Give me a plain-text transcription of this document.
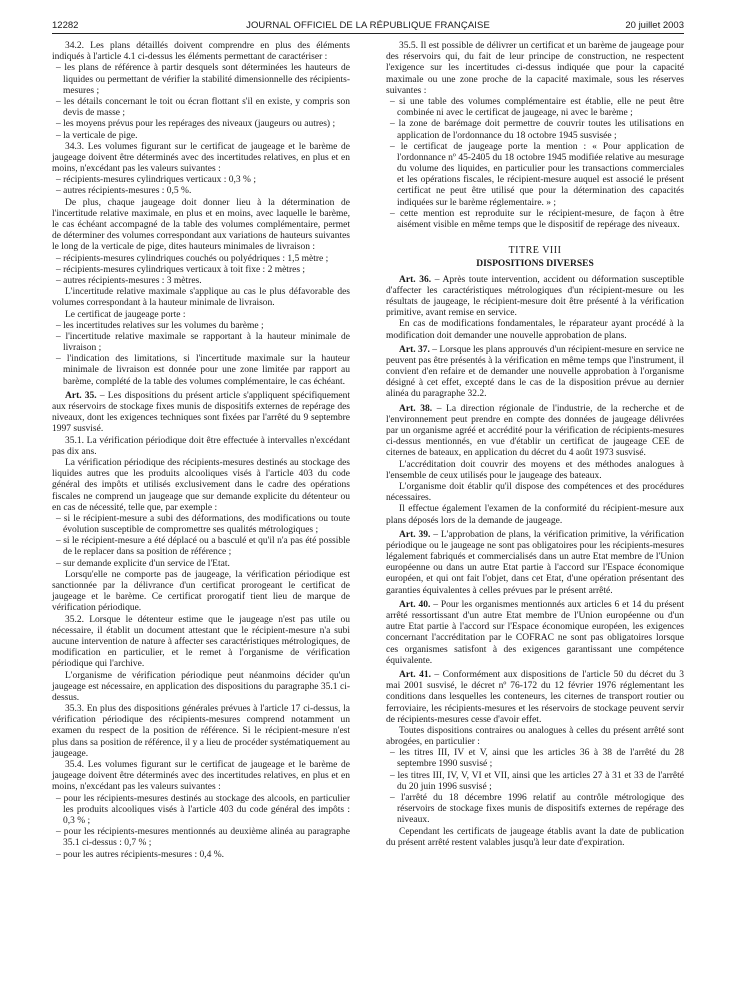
12282	JOURNAL OFFICIEL DE LA RÉPUBLIQUE FRANÇAISE	20 juillet 2003

34.2. Les plans détaillés doivent comprendre en plus des éléments indiqués à l'article 4.1 ci-dessus les éléments permettant de caractériser :

– les plans de référence à partir desquels sont déterminées les hauteurs de liquides ou permettant de vérifier la stabilité dimensionnelle des récipients-mesures ;

– les détails concernant le toit ou écran flottant s'il en existe, y compris son devis de masse ;

– les moyens prévus pour les repérages des niveaux (jaugeurs ou autres) ;

– la verticale de pige.

34.3. Les volumes figurant sur le certificat de jaugeage et le barème de jaugeage doivent être déterminés avec des incertitudes relatives, en plus et en moins, n'excédant pas les valeurs suivantes :

– récipients-mesures cylindriques verticaux : 0,3 % ;

– autres récipients-mesures : 0,5 %.

De plus, chaque jaugeage doit donner lieu à la détermination de l'incertitude relative maximale, en plus et en moins, avec laquelle le barème, le cas échéant accompagné de la table des volumes complémentaire, permet de déterminer des volumes correspondant aux variations de hauteurs suivantes le long de la verticale de pige, dites hauteurs minimales de livraison :

– récipients-mesures cylindriques couchés ou polyédriques : 1,5 mètre ;

– récipients-mesures cylindriques verticaux à toit fixe : 2 mètres ;

– autres récipients-mesures : 3 mètres.

L'incertitude relative maximale s'applique au cas le plus défavorable des volumes correspondant à la hauteur minimale de livraison.

Le certificat de jaugeage porte :

– les incertitudes relatives sur les volumes du barème ;

– l'incertitude relative maximale se rapportant à la hauteur minimale de livraison ;

– l'indication des limitations, si l'incertitude maximale sur la hauteur minimale de livraison est donnée pour une zone limitée par rapport au barème, complété de la table des volumes complémentaire, le cas échéant.

Art. 35. – Les dispositions du présent article s'appliquent spécifiquement aux réservoirs de stockage fixes munis de dispositifs externes de repérage des niveaux, dont les exigences techniques sont fixées par l'arrêté du 9 septembre 1997 susvisé.

35.1. La vérification périodique doit être effectuée à intervalles n'excédant pas dix ans.

La vérification périodique des récipients-mesures destinés au stockage des liquides autres que les produits alcooliques visés à l'article 403 du code général des impôts et utilisés exclusivement dans le cadre des opérations fiscales ne comprend un jaugeage que sur demande explicite du détenteur ou en cas de nécessité, telle que, par exemple :

– si le récipient-mesure a subi des déformations, des modifications ou toute évolution susceptible de compromettre ses qualités métrologiques ;

– si le récipient-mesure a été déplacé ou a basculé et qu'il n'a pas été possible de le replacer dans sa position de référence ;

– sur demande explicite d'un service de l'Etat.

Lorsqu'elle ne comporte pas de jaugeage, la vérification périodique est sanctionnée par la délivrance d'un certificat prorogeant le certificat de jaugeage et le barème. Ce certificat prorogatif tient lieu de marque de vérification périodique.

35.2. Lorsque le détenteur estime que le jaugeage n'est pas utile ou nécessaire, il établit un document attestant que le récipient-mesure n'a subi aucune intervention de nature à affecter ses caractéristiques métrologiques, de modification en particulier, et le remet à l'organisme de vérification périodique qui l'archive.

L'organisme de vérification périodique peut néanmoins décider qu'un jaugeage est nécessaire, en application des dispositions du paragraphe 35.1 ci-dessus.

35.3. En plus des dispositions générales prévues à l'article 17 ci-dessus, la vérification périodique des récipients-mesures comprend notamment un examen du respect de la position de référence. Si le récipient-mesure n'est plus dans sa position de référence, il y a lieu de procéder systématiquement au jaugeage.

35.4. Les volumes figurant sur le certificat de jaugeage et le barème de jaugeage doivent être déterminés avec des incertitudes relatives, en plus et en moins, n'excédant pas les valeurs suivantes :

– pour les récipients-mesures destinés au stockage des alcools, en particulier les produits alcooliques visés à l'article 403 du code général des impôts : 0,3 % ;

– pour les récipients-mesures mentionnés au deuxième alinéa au paragraphe 35.1 ci-dessus : 0,7 % ;

– pour les autres récipients-mesures : 0,4 %.

35.5. Il est possible de délivrer un certificat et un barème de jaugeage pour des réservoirs qui, du fait de leur principe de construction, ne respectent l'exigence sur les incertitudes ci-dessus indiquée que pour la capacité maximale ou une zone proche de la capacité maximale, sous les réserves suivantes :

– si une table des volumes complémentaire est établie, elle ne peut être combinée ni avec le certificat de jaugeage, ni avec le barème ;

– la zone de barémage doit permettre de couvrir toutes les utilisations en application de l'ordonnance du 18 octobre 1945 susvisée ;

– le certificat de jaugeage porte la mention : « Pour application de l'ordonnance nº 45-2405 du 18 octobre 1945 modifiée relative au mesurage du volume des liquides, en particulier pour les transactions commerciales et les opérations fiscales, le récipient-mesure auquel est associé le présent certificat ne peut être utilisé que pour la détermination des capacités indiquées sur le barème réglementaire. » ;

– cette mention est reproduite sur le récipient-mesure, de façon à être aisément visible en même temps que le dispositif de repérage des niveaux.

TITRE VIII

DISPOSITIONS DIVERSES

Art. 36. – Après toute intervention, accident ou déformation susceptible d'affecter les caractéristiques métrologiques d'un récipient-mesure ou les résultats de jaugeage, le récipient-mesure doit être présenté à la vérification primitive, avant remise en service.

En cas de modifications fondamentales, le réparateur ayant procédé à la modification doit demander une nouvelle approbation de plans.

Art. 37. – Lorsque les plans approuvés d'un récipient-mesure en service ne peuvent pas être présentés à la vérification en même temps que l'instrument, il convient d'en refaire et de demander une nouvelle approbation à l'organisme désigné à cet effet, excepté dans le cas de la disposition prévue au dernier alinéa du paragraphe 32.2.

Art. 38. – La direction régionale de l'industrie, de la recherche et de l'environnement peut prendre en compte des données de jaugeage délivrées par un organisme agréé et accrédité pour la vérification de récipients-mesures ci-dessus mentionnés, en vue d'établir un certificat de jaugeage CEE de citernes de bateaux, en application du décret du 4 août 1973 susvisé.

L'accréditation doit couvrir des moyens et des méthodes analogues à l'ensemble de ceux utilisés pour le jaugeage des bateaux.

L'organisme doit établir qu'il dispose des compétences et des procédures nécessaires.

Il effectue également l'examen de la conformité du récipient-mesure aux plans déposés lors de la demande de jaugeage.

Art. 39. – L'approbation de plans, la vérification primitive, la vérification périodique ou le jaugeage ne sont pas obligatoires pour les récipients-mesures légalement fabriqués et commercialisés dans un autre Etat membre de l'Union européenne ou dans un autre Etat partie à l'accord sur l'Espace économique européen, et qui ont fait l'objet, dans cet Etat, d'une opération présentant des garanties équivalentes à celles prévues par le présent arrêté.

Art. 40. – Pour les organismes mentionnés aux articles 6 et 14 du présent arrêté ressortissant d'un autre Etat membre de l'Union européenne ou d'un autre Etat partie à l'accord sur l'Espace économique européen, les exigences concernant l'accréditation par le COFRAC ne sont pas obligatoires lorsque ces organismes satisfont à des exigences garantissant une compétence équivalente.

Art. 41. – Conformément aux dispositions de l'article 50 du décret du 3 mai 2001 susvisé, le décret nº 76-172 du 12 février 1976 réglementant les conditions dans lesquelles les conteneurs, les citernes de transport routier ou ferroviaire, les récipients-mesures et les réservoirs de stockage peuvent servir de récipients-mesures cesse d'avoir effet.

Toutes dispositions contraires ou analogues à celles du présent arrêté sont abrogées, en particulier :

– les titres III, IV et V, ainsi que les articles 36 à 38 de l'arrêté du 28 septembre 1990 susvisé ;

– les titres III, IV, V, VI et VII, ainsi que les articles 27 à 31 et 33 de l'arrêté du 20 juin 1996 susvisé ;

– l'arrêté du 18 décembre 1996 relatif au contrôle métrologique des réservoirs de stockage fixes munis de dispositifs externes de repérage des niveaux.

Cependant les certificats de jaugeage établis avant la date de publication du présent arrêté restent valables jusqu'à leur date d'expiration.
